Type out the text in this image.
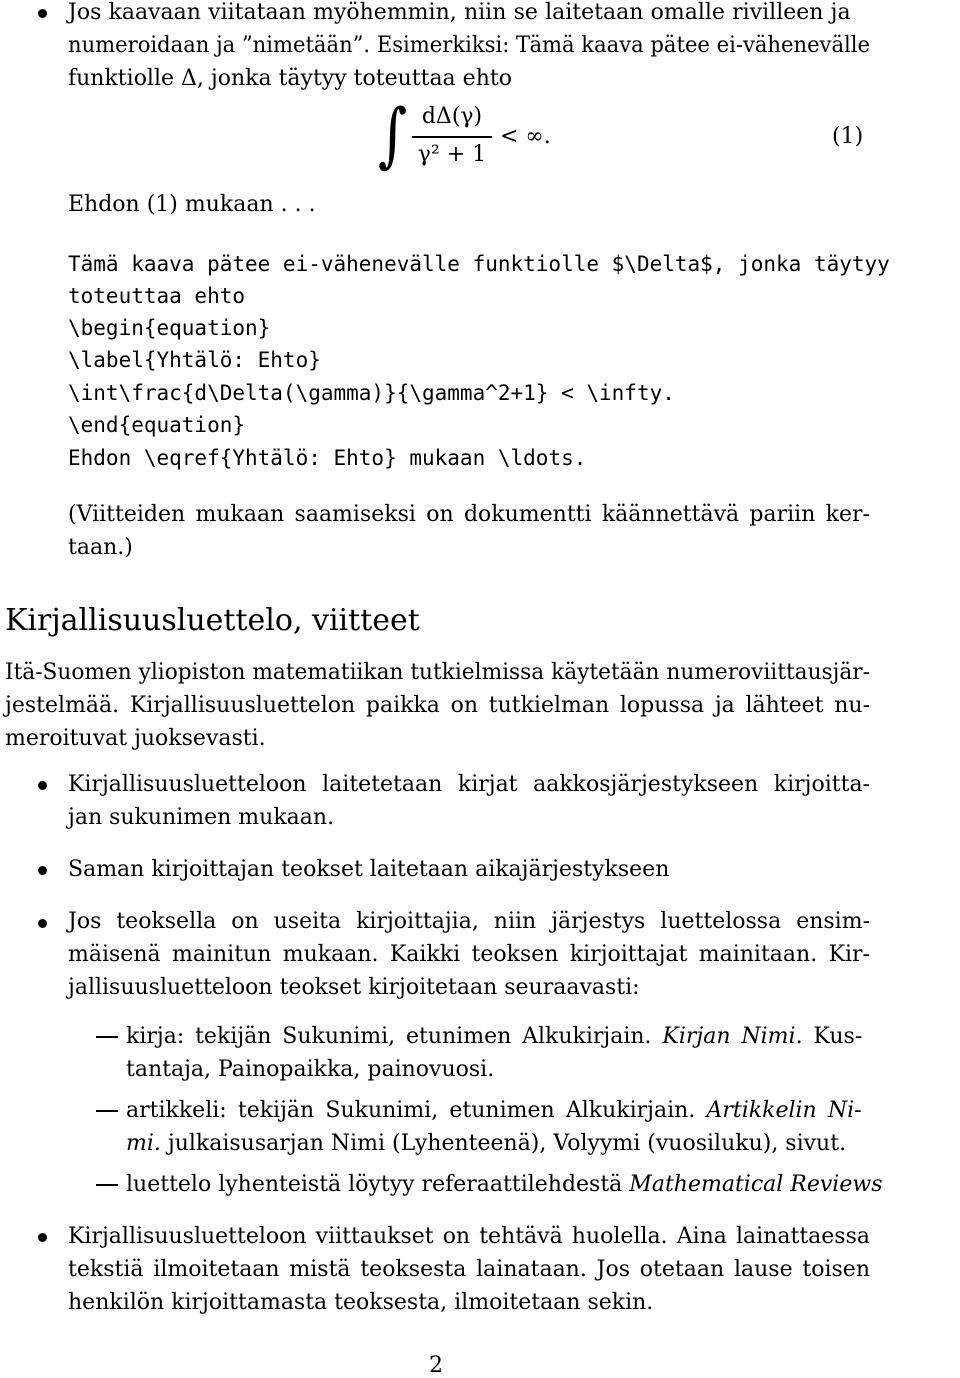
Jos kaavaan viitataan myöhemmin, niin se laitetaan omalle rivilleen ja
numeroidaan ja ”nimetään”. Esimerkiksi: Tämä kaava pätee ei-vähenevälle
funktiolle Δ, jonka täytyy toteuttaa ehto
∫ dΔ(γ)
γ² + 1
< ∞.	(1)
Ehdon (1) mukaan . . .
Tämä kaava pätee ei-vähenevälle funktiolle $\Delta$, jonka täytyy
toteuttaa ehto
\begin{equation}
\label{Yhtälö: Ehto}
\int\frac{d\Delta(\gamma)}{\gamma^2+1} < \infty.
\end{equation}
Ehdon \eqref{Yhtälö: Ehto} mukaan \ldots.
(Viitteiden mukaan saamiseksi on dokumentti käännettävä pariin ker-
taan.)
Kirjallisuusluettelo, viitteet
Itä-Suomen yliopiston matematiikan tutkielmissa käytetään numeroviittausjär-
jestelmää. Kirjallisuusluettelon paikka on tutkielman lopussa ja lähteet nu-
meroituvat juoksevasti.
Kirjallisuusluetteloon laitetetaan kirjat aakkosjärjestykseen kirjoitta-
jan sukunimen mukaan.
Saman kirjoittajan teokset laitetaan aikajärjestykseen
Jos teoksella on useita kirjoittajia, niin järjestys luettelossa ensim-
mäisenä mainitun mukaan. Kaikki teoksen kirjoittajat mainitaan. Kir-
jallisuusluetteloon teokset kirjoitetaan seuraavasti:
kirja: tekijän Sukunimi, etunimen Alkukirjain. Kirjan Nimi. Kus-
tantaja, Painopaikka, painovuosi.
artikkeli: tekijän Sukunimi, etunimen Alkukirjain. Artikkelin Ni-
mi. julkaisusarjan Nimi (Lyhenteenä), Volyymi (vuosiluku), sivut.
luettelo lyhenteistä löytyy referaattilehdestä Mathematical Reviews
Kirjallisuusluetteloon viittaukset on tehtävä huolella. Aina lainattaessa
tekstiä ilmoitetaan mistä teoksesta lainataan. Jos otetaan lause toisen
henkilön kirjoittamasta teoksesta, ilmoitetaan sekin.
2
